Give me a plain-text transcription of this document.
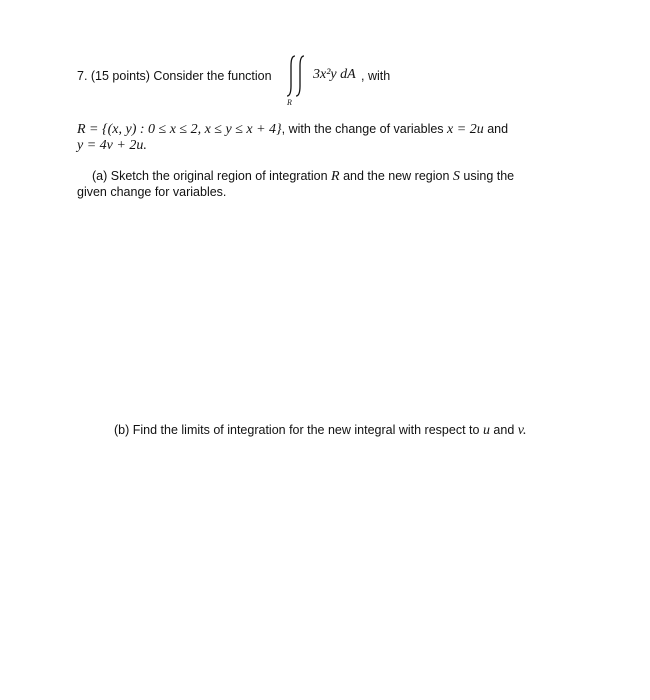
7. (15 points) Consider the function	3x²y dA
R
, with
R = {(x, y) : 0 ≤ x ≤ 2, x ≤ y ≤ x + 4}, with the change of variables x = 2u and
y = 4v + 2u.
(a) Sketch the original region of integration R and the new region S using the
given change for variables.
(b) Find the limits of integration for the new integral with respect to u and v.
